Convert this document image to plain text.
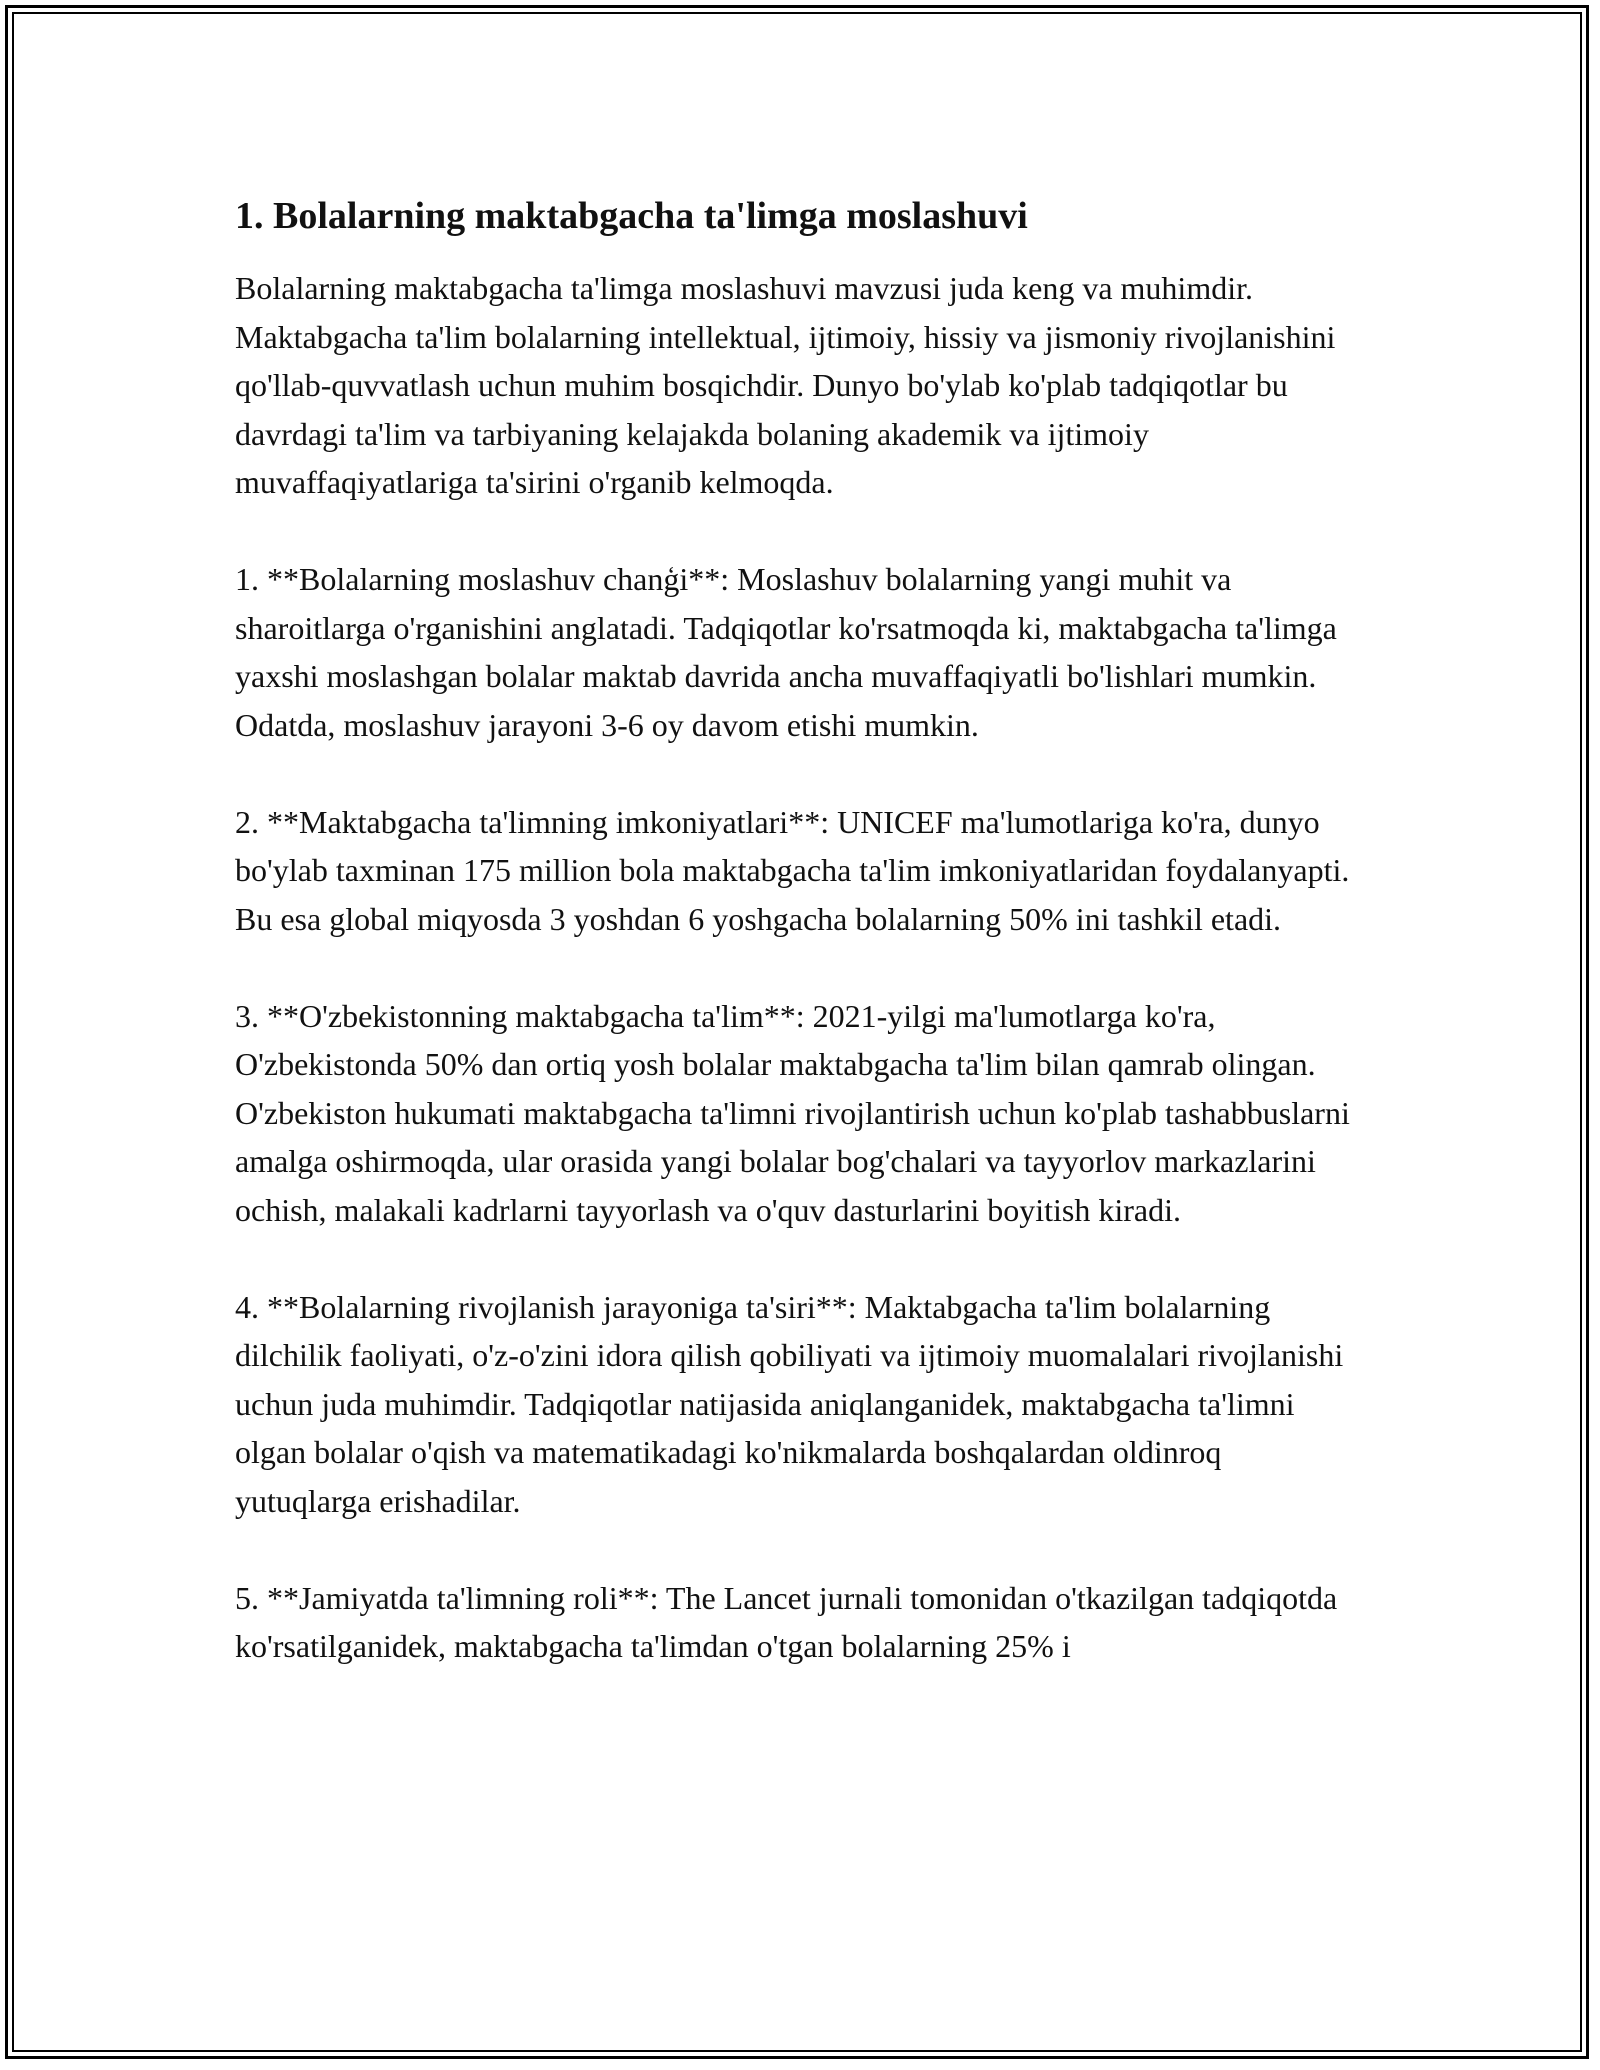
1. Bolalarning maktabgacha ta'limga moslashuvi

Bolalarning maktabgacha ta'limga moslashuvi mavzusi juda keng va muhimdir. Maktabgacha ta'lim bolalarning intellektual, ijtimoiy, hissiy va jismoniy rivojlanishini qo'llab-quvvatlash uchun muhim bosqichdir. Dunyo bo'ylab ko'plab tadqiqotlar bu davrdagi ta'lim va tarbiyaning kelajakda bolaning akademik va ijtimoiy muvaffaqiyatlariga ta'sirini o'rganib kelmoqda.

1. **Bolalarning moslashuv chanģi**: Moslashuv bolalarning yangi muhit va sharoitlarga o'rganishini anglatadi. Tadqiqotlar ko'rsatmoqda ki, maktabgacha ta'limga yaxshi moslashgan bolalar maktab davrida ancha muvaffaqiyatli bo'lishlari mumkin. Odatda, moslashuv jarayoni 3-6 oy davom etishi mumkin.

2. **Maktabgacha ta'limning imkoniyatlari**: UNICEF ma'lumotlariga ko'ra, dunyo bo'ylab taxminan 175 million bola maktabgacha ta'lim imkoniyatlaridan foydalanyapti. Bu esa global miqyosda 3 yoshdan 6 yoshgacha bolalarning 50% ini tashkil etadi.

3. **O'zbekistonning maktabgacha ta'lim**: 2021-yilgi ma'lumotlarga ko'ra, O'zbekistonda 50% dan ortiq yosh bolalar maktabgacha ta'lim bilan qamrab olingan. O'zbekiston hukumati maktabgacha ta'limni rivojlantirish uchun ko'plab tashabbuslarni amalga oshirmoqda, ular orasida yangi bolalar bog'chalari va tayyorlov markazlarini ochish, malakali kadrlarni tayyorlash va o'quv dasturlarini boyitish kiradi.

4. **Bolalarning rivojlanish jarayoniga ta'siri**: Maktabgacha ta'lim bolalarning dilchilik faoliyati, o'z-o'zini idora qilish qobiliyati va ijtimoiy muomalalari rivojlanishi uchun juda muhimdir. Tadqiqotlar natijasida aniqlanganidek, maktabgacha ta'limni olgan bolalar o'qish va matematikadagi ko'nikmalarda boshqalardan oldinroq yutuqlarga erishadilar.

5. **Jamiyatda ta'limning roli**: The Lancet jurnali tomonidan o'tkazilgan tadqiqotda ko'rsatilganidek, maktabgacha ta'limdan o'tgan bolalarning 25% i
